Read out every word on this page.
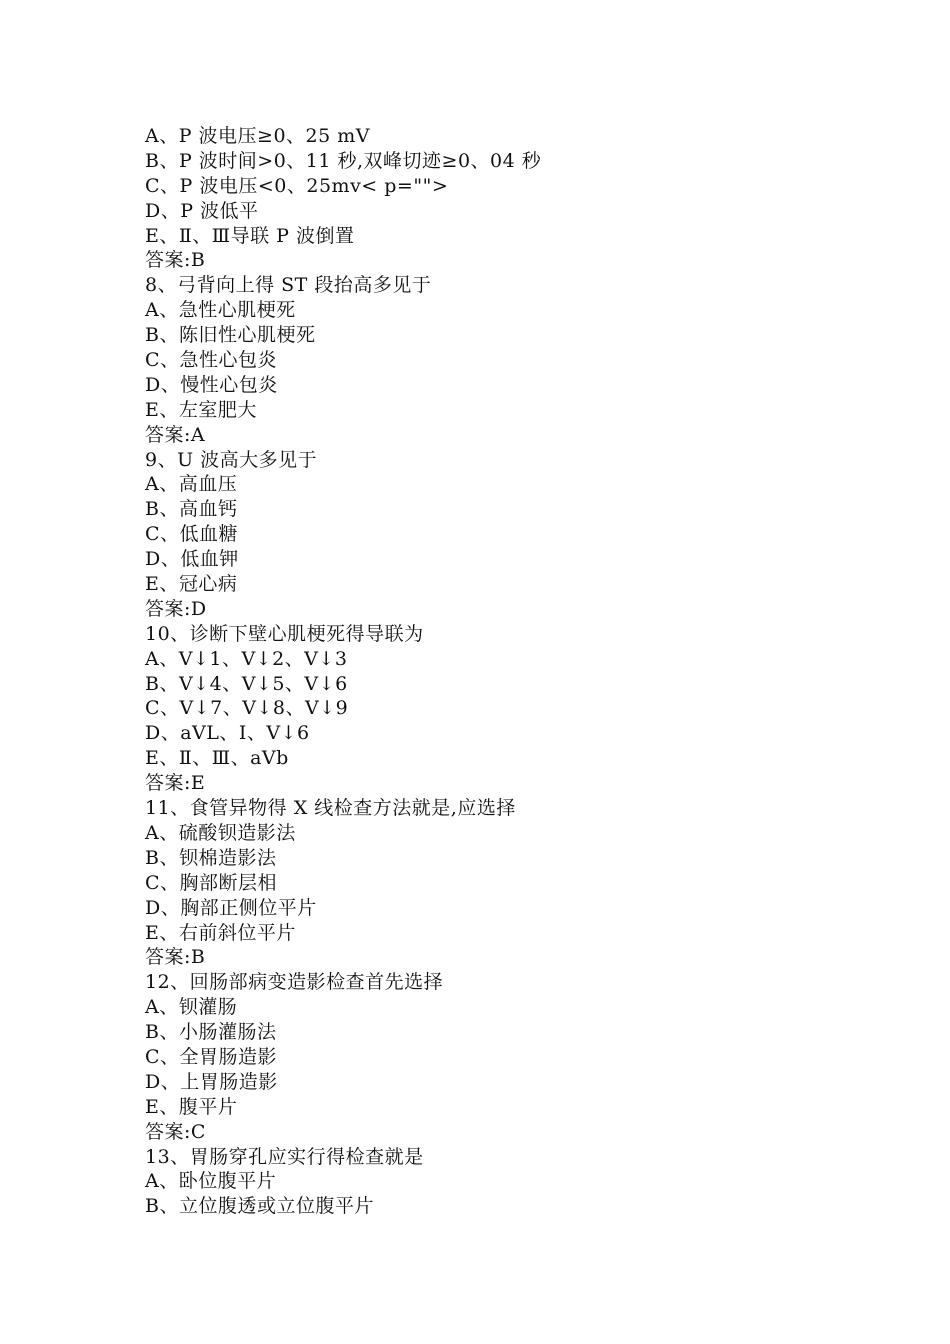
A、P 波电压≥0、25 mV
B、P 波时间>0、11 秒,双峰切迹≥0、04 秒
C、P 波电压<0、25mv< p="">
D、P 波低平
E、Ⅱ、Ⅲ导联 P 波倒置
答案:B
8、弓背向上得 ST 段抬高多见于
A、急性心肌梗死
B、陈旧性心肌梗死
C、急性心包炎
D、慢性心包炎
E、左室肥大
答案:A
9、U 波高大多见于
A、高血压
B、高血钙
C、低血糖
D、低血钾
E、冠心病
答案:D
10、诊断下壁心肌梗死得导联为
A、V↓1、V↓2、V↓3
B、V↓4、V↓5、V↓6
C、V↓7、V↓8、V↓9
D、aVL、Ⅰ、V↓6
E、Ⅱ、Ⅲ、aVb
答案:E
11、食管异物得 X 线检查方法就是,应选择
A、硫酸钡造影法
B、钡棉造影法
C、胸部断层相
D、胸部正侧位平片
E、右前斜位平片
答案:B
12、回肠部病变造影检查首先选择
A、钡灌肠
B、小肠灌肠法
C、全胃肠造影
D、上胃肠造影
E、腹平片
答案:C
13、胃肠穿孔应实行得检查就是
A、卧位腹平片
B、立位腹透或立位腹平片
